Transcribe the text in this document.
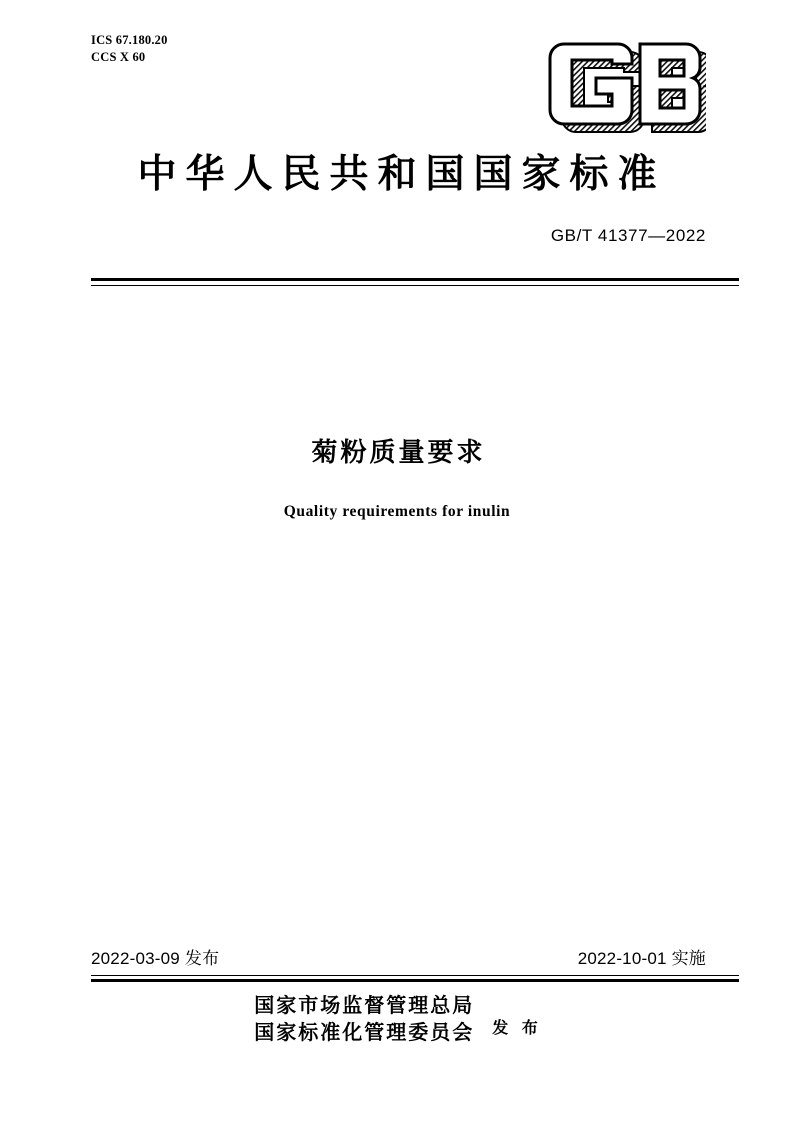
ICS 67.180.20
CCS X 60
中华人民共和国国家标准
GB/T 41377—2022
菊粉质量要求
Quality requirements for inulin
2022-03-09 发布	2022-10-01 实施
国家市场监督管理总局
国家标准化管理委员会 发 布
